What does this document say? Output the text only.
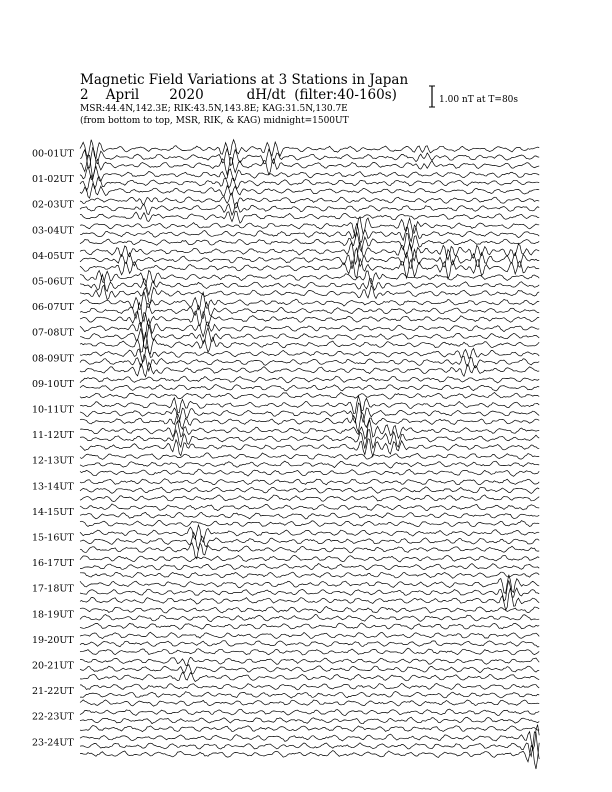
Magnetic Field Variations at 3 Stations in Japan
2 April 2020	dH/dt (filter:40-160s)
MSR:44.4N,142.3E; RIK:43.5N,143.8E; KAG:31.5N,130.7E
(from bottom to top, MSR, RIK, & KAG) midnight=1500UT
1.00 nT at T=80s
00-01UT
01-02UT
02-03UT
03-04UT
04-05UT
05-06UT
06-07UT
07-08UT
08-09UT
09-10UT
10-11UT
11-12UT
12-13UT
13-14UT
14-15UT
15-16UT
16-17UT
17-18UT
18-19UT
19-20UT
20-21UT
21-22UT
22-23UT
23-24UT
